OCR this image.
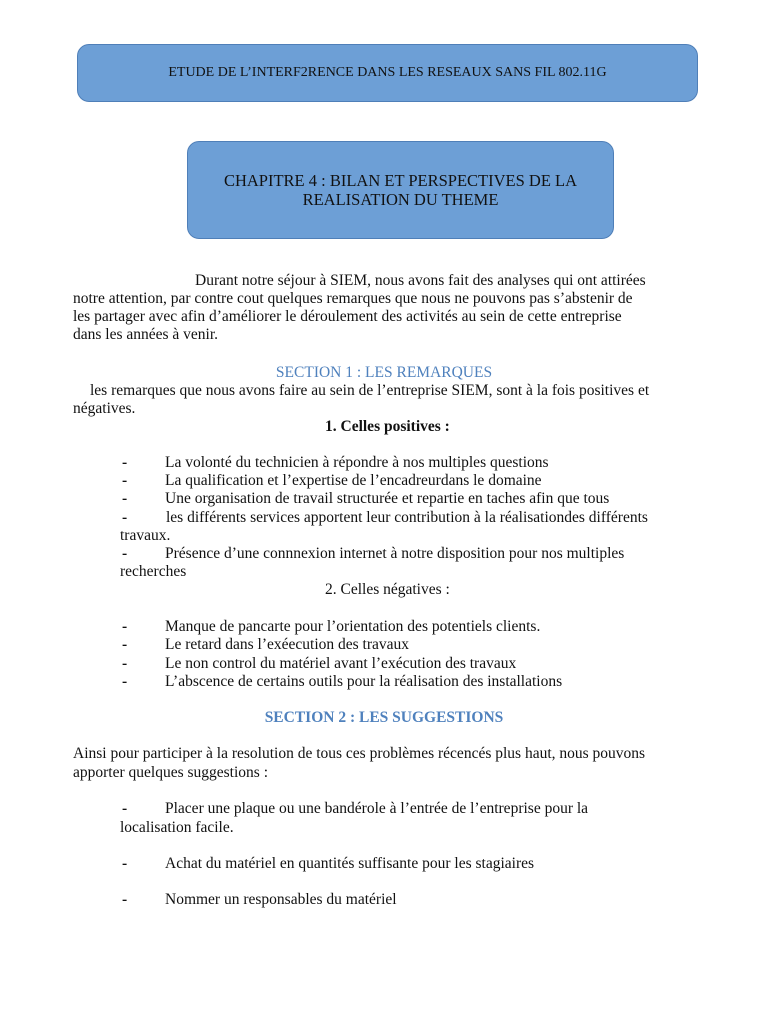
ETUDE DE L’INTERF2RENCE DANS LES RESEAUX SANS FIL 802.11G
CHAPITRE 4 : BILAN ET PERSPECTIVES DE LA REALISATION DU THEME
Durant notre séjour à SIEM, nous avons fait des analyses qui ont attirées
notre attention, par contre cout quelques remarques que nous ne pouvons pas s’abstenir de
les partager avec afin d’améliorer le déroulement des activités au sein de cette entreprise
dans les années à venir.
SECTION 1 : LES REMARQUES
les remarques que nous avons faire au sein de l’entreprise SIEM, sont à la fois positives et
négatives.
1. Celles positives :
- La volonté du technicien à répondre à nos multiples questions
- La qualification et l’expertise de l’encadreurdans le domaine
- Une organisation de travail structurée et repartie en taches afin que tous
-	les différents services apportent leur contribution à la réalisationdes différents
travaux.
- Présence d’une connnexion internet à notre disposition pour nos multiples
recherches
2. Celles négatives :
- Manque de pancarte pour l’orientation des potentiels clients.
- Le retard dans l’exéecution des travaux
- Le non control du matériel avant l’exécution des travaux
- L’abscence de certains outils pour la réalisation des installations
SECTION 2 : LES SUGGESTIONS
Ainsi pour participer à la resolution de tous ces problèmes récencés plus haut, nous pouvons
apporter quelques suggestions :
- Placer une plaque ou une bandérole à l’entrée de l’entreprise pour la
localisation facile.
- Achat du matériel en quantités suffisante pour les stagiaires
- Nommer un responsables du matériel
